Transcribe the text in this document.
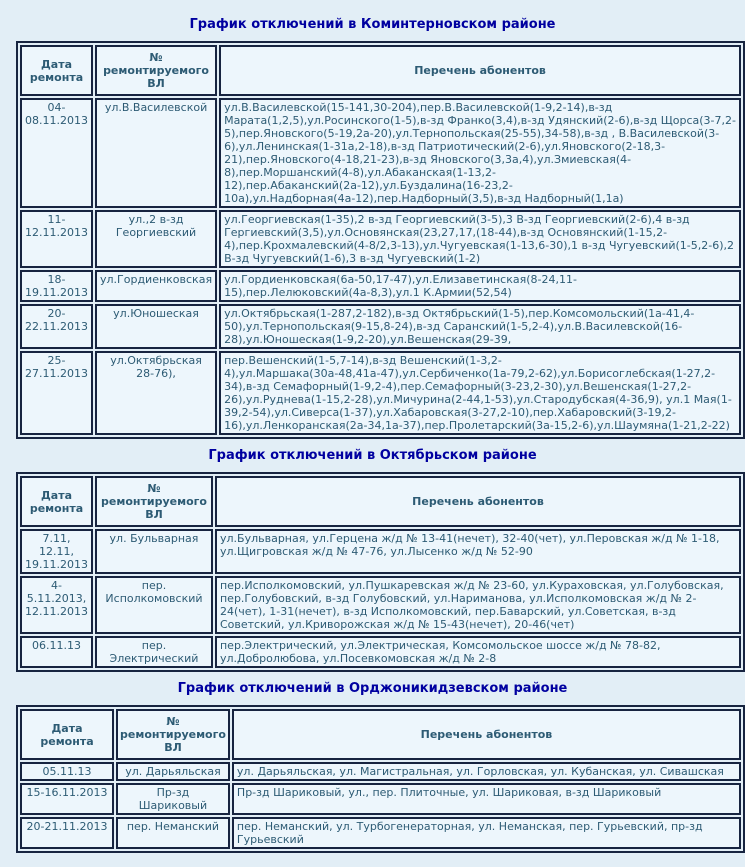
График отключений в Коминтерновском районе
Дата ремонта	№ ремонтируемого ВЛ	Перечень абонентов
04-08.11.2013	ул.В.Василевской	ул.В.Василевской(15-141,30-204),пер.В.Василевской(1-9,2-14),в-зд Марата(1,2,5),ул.Росинского(1-5),в-зд Франко(3,4),в-зд Удянский(2-6),в-зд Щорса(3-7,2-5),пер.Яновского(5-19,2а-20),ул.Тернопольская(25-55),34-58),в-зд , В.Василевской(3-6),ул.Ленинская(1-31а,2-18),в-зд Патриотический(2-6),ул.Яновского(2-18,3-21),пер.Яновского(4-18,21-23),в-зд Яновского(3,3а,4),ул.Змиевская(4-8),пер.Моршанский(4-8),ул.Абаканская(1-13,2-12),пер.Абаканский(2а-12),ул.Буздалина(16-23,2-10а),ул.Надборная(4а-12),пер.Надборный(3,5),в-зд Надборный(1,1а)
11-12.11.2013	ул.,2 в-зд Георгиевский	ул.Георгиевская(1-35),2 в-зд Георгиевский(3-5),3 В-зд Георгиевский(2-6),4 в-зд Гергиевский(3,5),ул.Основянская(23,27,17,(18-44),в-зд Основянский(1-15,2-4),пер.Крохмалевский(4-8/2,3-13),ул.Чугуевская(1-13,6-30),1 в-зд Чугуевский(1-5,2-6),2 В-зд Чугуевский(1-6),3 в-зд Чугуевский(1-2)
18-19.11.2013	ул.Гордиенковская	ул.Гордиенковская(6а-50,17-47),ул.Елизаветинская(8-24,11-15),пер.Лелюковский(4а-8,3),ул.1 К.Армии(52,54)
20-22.11.2013	ул.Юношеская	ул.Октябрьская(1-287,2-182),в-зд Октябрьский(1-5),пер.Комсомольский(1а-41,4-50),ул.Тернопольская(9-15,8-24),в-зд Саранский(1-5,2-4),ул.В.Василевской(16-28),ул.Юношеская(1-9,2-20),ул.Вешенская(29-39,
25-27.11.2013	ул.Октябрьская 28-76),	пер.Вешенский(1-5,7-14),в-зд Вешенский(1-3,2-4),ул.Маршака(30а-48,41а-47),ул.Сербиченко(1а-79,2-62),ул.Борисоглебская(1-27,2-34),в-зд Семафорный(1-9,2-4),пер.Семафорный(3-23,2-30),ул.Вешенская(1-27,2-26),ул.Руднева(1-15,2-28),ул.Мичурина(2-44,1-53),ул.Стародубская(4-36,9), ул.1 Мая(1-39,2-54),ул.Сиверса(1-37),ул.Хабаровская(3-27,2-10),пер.Хабаровский(3-19,2-16),ул.Ленкоранская(2а-34,1а-37),пер.Пролетарский(3а-15,2-6),ул.Шаумяна(1-21,2-22)
График отключений в Октябрьском районе
Дата ремонта	№ ремонтируемого ВЛ	Перечень абонентов
7.11, 12.11, 19.11.2013	ул. Бульварная	ул.Бульварная, ул.Герцена ж/д № 13-41(нечет), 32-40(чет), ул.Перовская ж/д № 1-18, ул.Щигровская ж/д № 47-76, ул.Лысенко ж/д № 52-90
4-5.11.2013, 12.11.2013	пер. Исполкомовский	пер.Исполкомовский, ул.Пушкаревская ж/д № 23-60, ул.Кураховская, ул.Голубовская, пер.Голубовский, в-зд Голубовский, ул.Нариманова, ул.Исполкомовская ж/д № 2-24(чет), 1-31(нечет), в-зд Исполкомовский, пер.Баварский, ул.Советская, в-зд Советский, ул.Криворожская ж/д № 15-43(нечет), 20-46(чет)
06.11.13	пер. Электрический	пер.Электрический, ул.Электрическая, Комсомольское шоссе ж/д № 78-82, ул.Добролюбова, ул.Посевкомовская ж/д № 2-8
График отключений в Орджоникидзевском районе
Дата ремонта	№ ремонтируемого ВЛ	Перечень абонентов
05.11.13	ул. Дарьяльская	ул. Дарьяльская, ул. Магистральная, ул. Горловская, ул. Кубанская, ул. Сивашская
15-16.11.2013	Пр-зд Шариковый	Пр-зд Шариковый, ул., пер. Плиточные, ул. Шариковая, в-зд Шариковый
20-21.11.2013	пер. Неманский	пер. Неманский, ул. Турбогенераторная, ул. Неманская, пер. Гурьевский, пр-зд Гурьевский
